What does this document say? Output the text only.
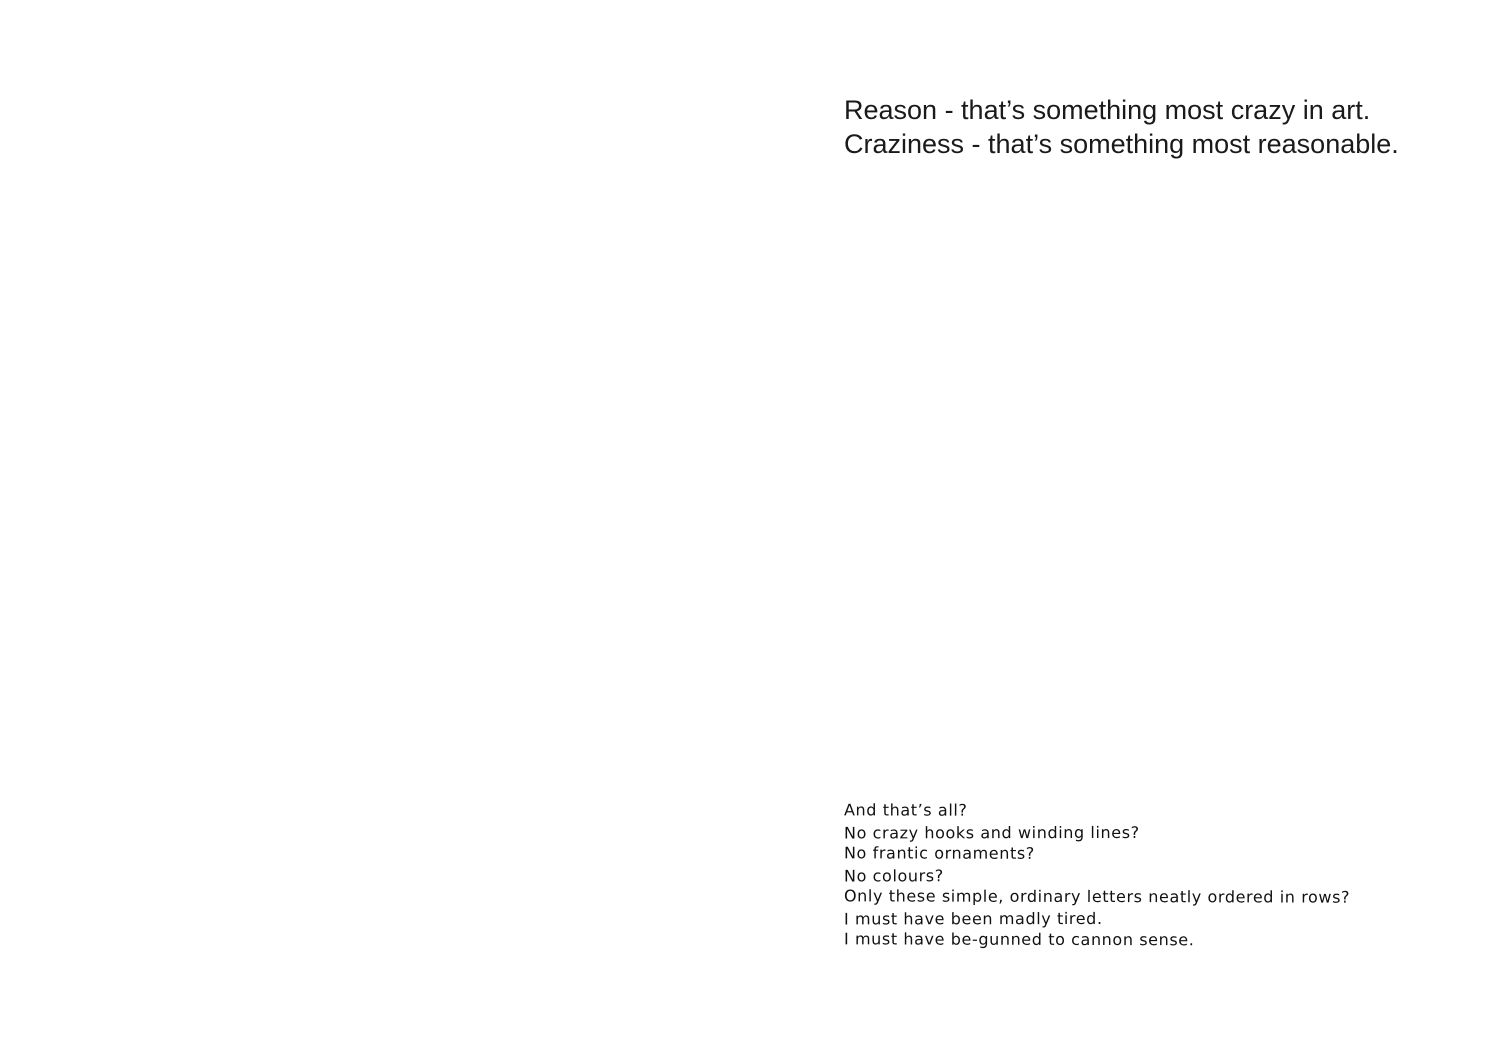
Reason - that’s something most crazy in art.
Craziness - that’s something most reasonable.

And that’s all?
No crazy hooks and winding lines?
No frantic ornaments?
No colours?
Only these simple, ordinary letters neatly ordered in rows?
I must have been madly tired.
I must have be-gunned to cannon sense.
